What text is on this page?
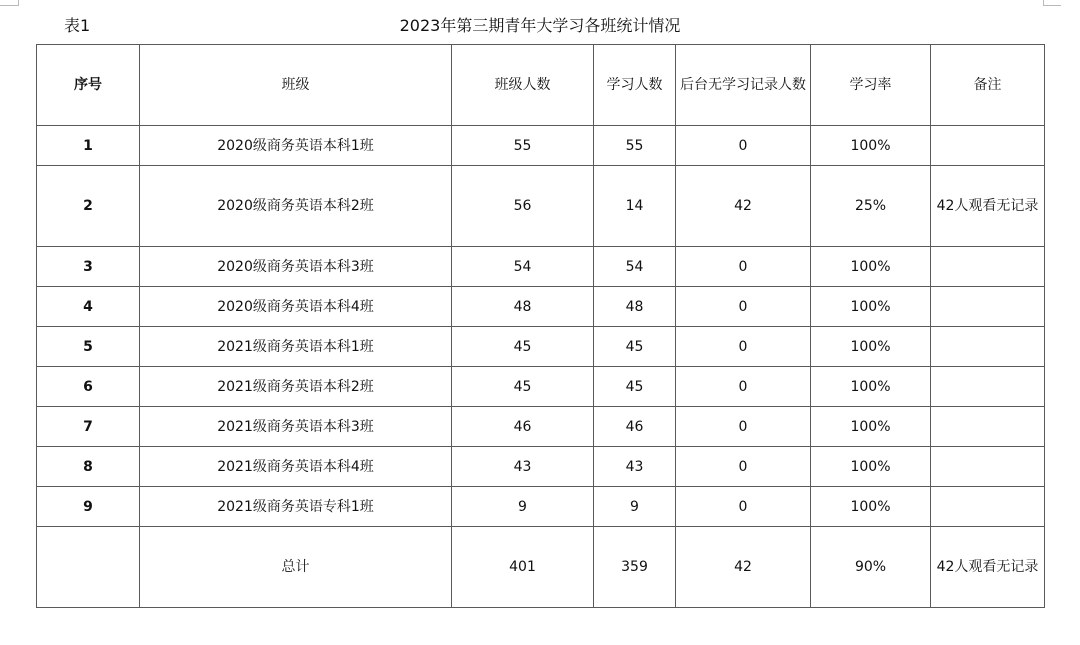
表1	2023年第三期青年大学习各班统计情况
序号	班级	班级人数	学习人数	后台无学习记录人数	学习率	备注
1	2020级商务英语本科1班	55	55	0	100%	
2	2020级商务英语本科2班	56	14	42	25%	42人观看无记录
3	2020级商务英语本科3班	54	54	0	100%	
4	2020级商务英语本科4班	48	48	0	100%	
5	2021级商务英语本科1班	45	45	0	100%	
6	2021级商务英语本科2班	45	45	0	100%	
7	2021级商务英语本科3班	46	46	0	100%	
8	2021级商务英语本科4班	43	43	0	100%	
9	2021级商务英语专科1班	9	9	0	100%	
	总计	401	359	42	90%	42人观看无记录
